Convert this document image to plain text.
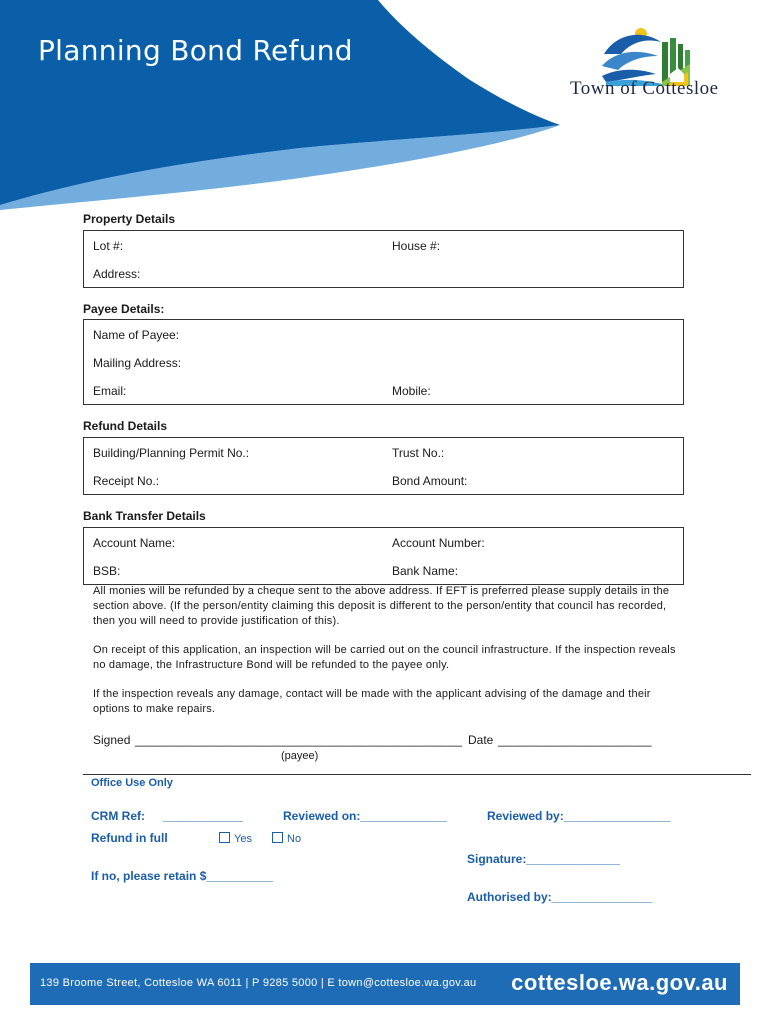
Planning Bond Refund
Town of Cottesloe
Property Details
Lot #:	House #:
Address:
Payee Details:
Name of Payee:
Mailing Address:
Email:	Mobile:
Refund Details
Building/Planning Permit No.:	Trust No.:
Receipt No.:	Bond Amount:
Bank Transfer Details
Account Name:	Account Number:
BSB:	Bank Name:
All monies will be refunded by a cheque sent to the above address. If EFT is preferred please supply details in the section above. (If the person/entity claiming this deposit is different to the person/entity that council has recorded, then you will need to provide justification of this).
On receipt of this application, an inspection will be carried out on the council infrastructure. If the inspection reveals no damage, the Infrastructure Bond will be refunded to the payee only.
If the inspection reveals any damage, contact will be made with the applicant advising of the damage and their options to make repairs.
Signed _________________________________________________ Date _______________________
(payee)
Office Use Only
CRM Ref: ____________	Reviewed on:_____________	Reviewed by:________________
Refund in full	Yes	No
Signature:______________
If no, please retain $__________
Authorised by:_______________
139 Broome Street, Cottesloe WA 6011 | P 9285 5000 | E town@cottesloe.wa.gov.au cottesloe.wa.gov.au
